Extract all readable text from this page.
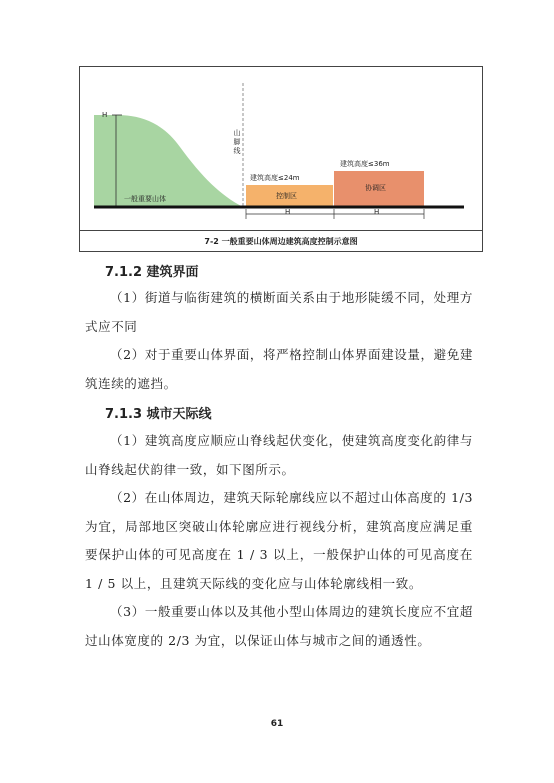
H
山脚线
一般重要山体
建筑高度≤24m
控制区
H
建筑高度≤36m
协调区
H
7-2 一般重要山体周边建筑高度控制示意图
7.1.2 建筑界面
（1）街道与临街建筑的横断面关系由于地形陡缓不同，处理方式应不同
（2）对于重要山体界面，将严格控制山体界面建设量，避免建筑连续的遮挡。
7.1.3 城市天际线
（1）建筑高度应顺应山脊线起伏变化，使建筑高度变化韵律与山脊线起伏韵律一致，如下图所示。
（2）在山体周边，建筑天际轮廓线应以不超过山体高度的 1/3 为宜，局部地区突破山体轮廓应进行视线分析，建筑高度应满足重要保护山体的可见高度在 1 / 3 以上，一般保护山体的可见高度在 1 / 5 以上，且建筑天际线的变化应与山体轮廓线相一致。
（3）一般重要山体以及其他小型山体周边的建筑长度应不宜超过山体宽度的 2/3 为宜，以保证山体与城市之间的通透性。
61
